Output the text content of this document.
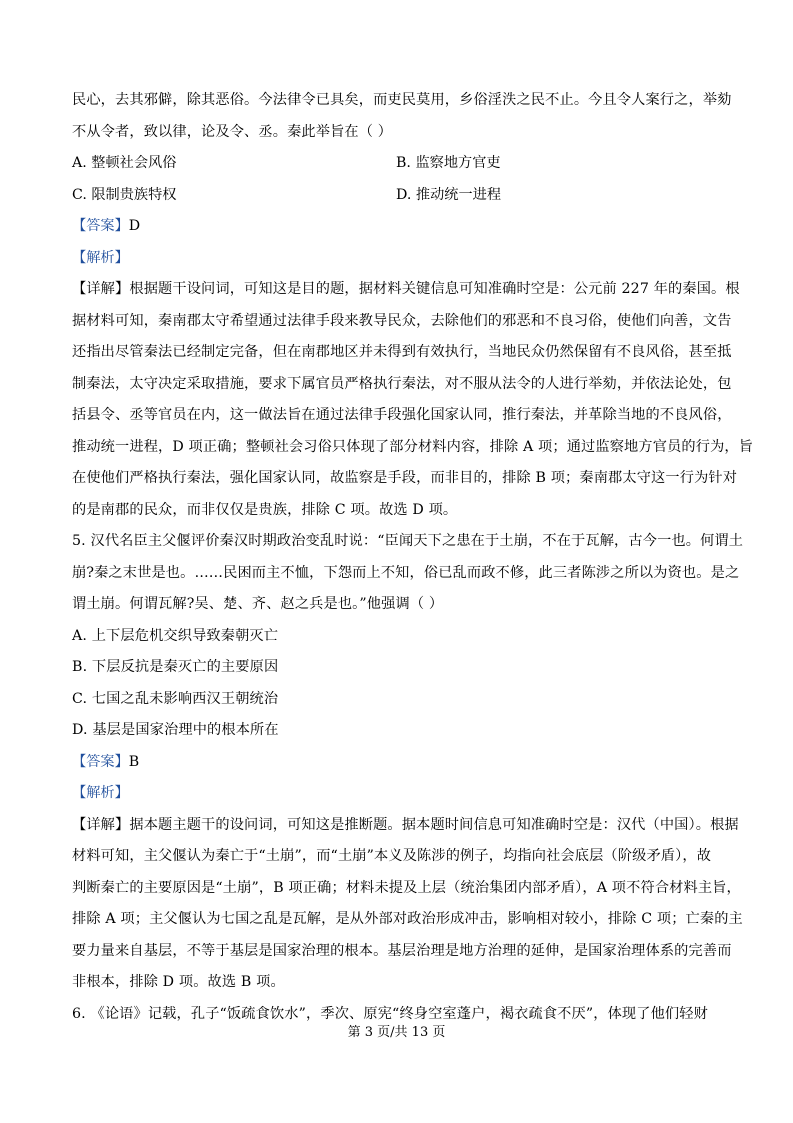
民心，去其邪僻，除其恶俗。今法律令已具矣，而吏民莫用，乡俗淫泆之民不止。今且令人案行之，举劾
不从令者，致以律，论及令、丞。秦此举旨在（ ）
A. 整顿社会风俗	B. 监察地方官吏
C. 限制贵族特权	D. 推动统一进程
【答案】D
【解析】
【详解】根据题干设问词，可知这是目的题，据材料关键信息可知准确时空是：公元前 227 年的秦国。根
据材料可知，秦南郡太守希望通过法律手段来教导民众，去除他们的邪恶和不良习俗，使他们向善，文告
还指出尽管秦法已经制定完备，但在南郡地区并未得到有效执行，当地民众仍然保留有不良风俗，甚至抵
制秦法，太守决定采取措施，要求下属官员严格执行秦法，对不服从法令的人进行举劾，并依法论处，包
括县令、丞等官员在内，这一做法旨在通过法律手段强化国家认同，推行秦法，并革除当地的不良风俗，
推动统一进程，D 项正确；整顿社会习俗只体现了部分材料内容，排除 A 项；通过监察地方官员的行为，旨
在使他们严格执行秦法，强化国家认同，故监察是手段，而非目的，排除 B 项；秦南郡太守这一行为针对
的是南郡的民众，而非仅仅是贵族，排除 C 项。故选 D 项。
5. 汉代名臣主父偃评价秦汉时期政治变乱时说：“臣闻天下之患在于土崩，不在于瓦解，古今一也。何谓土
崩?秦之末世是也。……民困而主不恤，下怨而上不知，俗已乱而政不修，此三者陈涉之所以为资也。是之
谓土崩。何谓瓦解?吴、楚、齐、赵之兵是也。”他强调（ ）
A. 上下层危机交织导致秦朝灭亡
B. 下层反抗是秦灭亡的主要原因
C. 七国之乱未影响西汉王朝统治
D. 基层是国家治理中的根本所在
【答案】B
【解析】
【详解】据本题主题干的设问词，可知这是推断题。据本题时间信息可知准确时空是：汉代（中国）。根据
材料可知，主父偃认为秦亡于“土崩”，而“土崩”本义及陈涉的例子，均指向社会底层（阶级矛盾），故
判断秦亡的主要原因是“土崩”，B 项正确；材料未提及上层（统治集团内部矛盾），A 项不符合材料主旨，
排除 A 项；主父偃认为七国之乱是瓦解，是从外部对政治形成冲击，影响相对较小，排除 C 项；亡秦的主
要力量来自基层，不等于基层是国家治理的根本。基层治理是地方治理的延伸，是国家治理体系的完善而
非根本，排除 D 项。故选 B 项。
6. 《论语》记载，孔子“饭疏食饮水”，季次、原宪“终身空室蓬户，褐衣疏食不厌”，体现了他们轻财
第 3 页/共 13 页
